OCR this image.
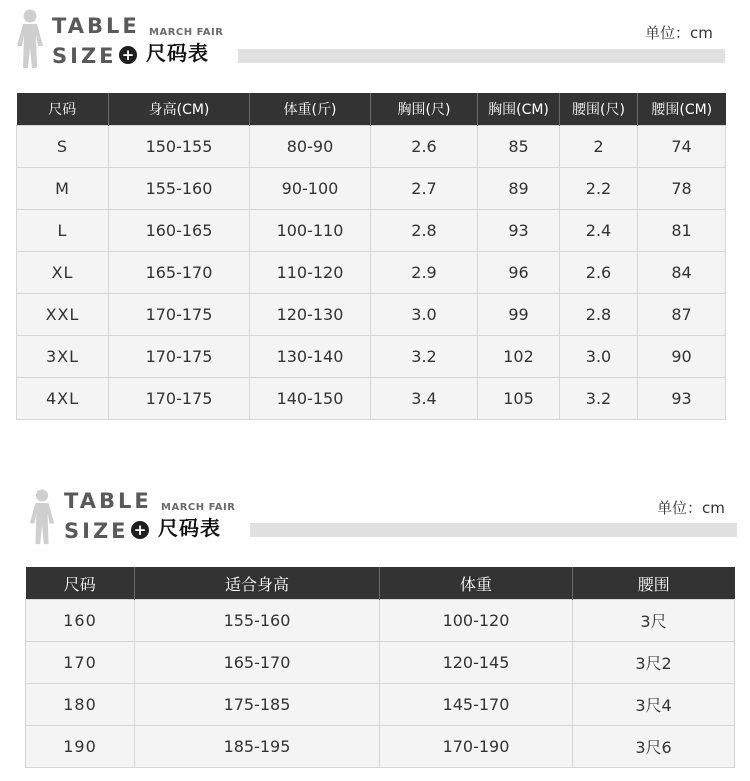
TABLE MARCH FAIR
SIZE + 尺码表
单位：cm
尺码	身高(CM)	体重(斤)	胸围(尺)	胸围(CM)	腰围(尺)	腰围(CM)
S	150-155	80-90	2.6	85	2	74
M	155-160	90-100	2.7	89	2.2	78
L	160-165	100-110	2.8	93	2.4	81
XL	165-170	110-120	2.9	96	2.6	84
XXL	170-175	120-130	3.0	99	2.8	87
3XL	170-175	130-140	3.2	102	3.0	90
4XL	170-175	140-150	3.4	105	3.2	93
TABLE MARCH FAIR
SIZE + 尺码表
单位：cm
尺码	适合身高	体重	腰围
160	155-160	100-120	3尺
170	165-170	120-145	3尺2
180	175-185	145-170	3尺4
190	185-195	170-190	3尺6
